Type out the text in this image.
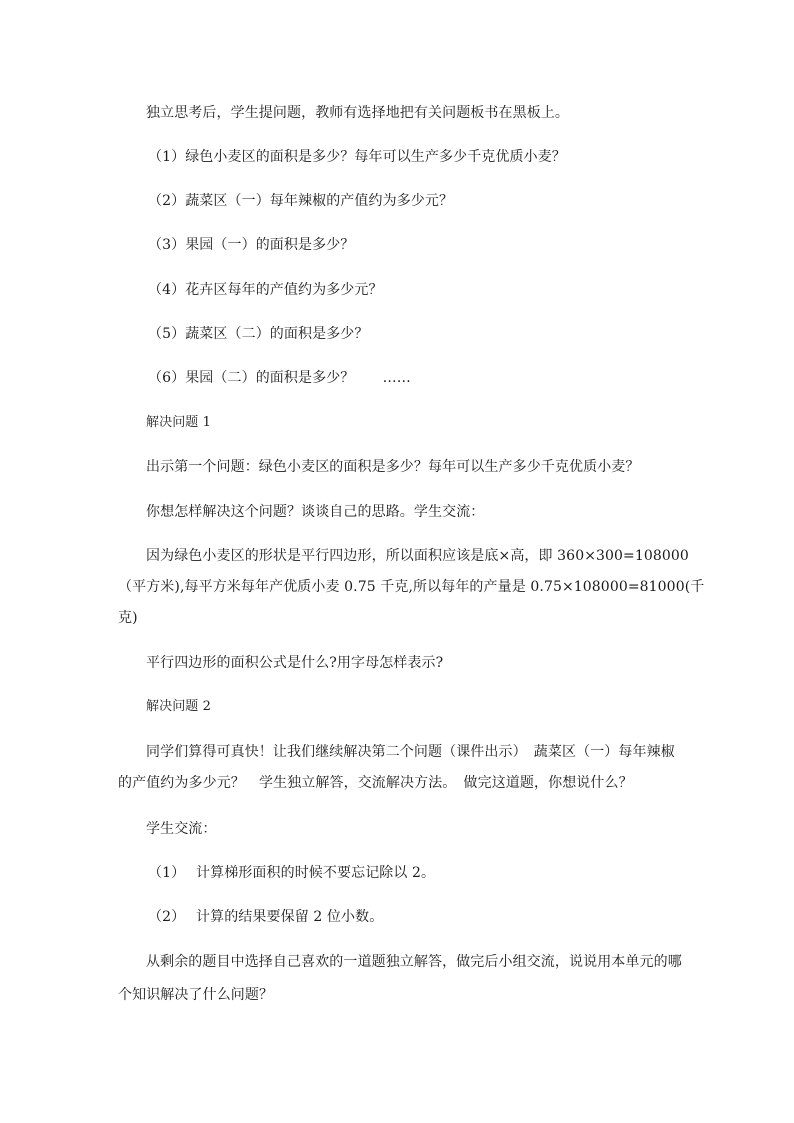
独立思考后，学生提问题，教师有选择地把有关问题板书在黑板上。
（1）绿色小麦区的面积是多少？每年可以生产多少千克优质小麦？
（2）蔬菜区（一）每年辣椒的产值约为多少元？
（3）果园（一）的面积是多少？
（4）花卉区每年的产值约为多少元？
（5）蔬菜区（二）的面积是多少？
（6）果园（二）的面积是多少？　　……
解决问题 1
出示第一个问题：绿色小麦区的面积是多少？每年可以生产多少千克优质小麦？
你想怎样解决这个问题？谈谈自己的思路。学生交流：
因为绿色小麦区的形状是平行四边形，所以面积应该是底×高，即 360×300=108000
（平方米),每平方米每年产优质小麦 0.75 千克,所以每年的产量是 0.75×108000=81000(千
克)
平行四边形的面积公式是什么?用字母怎样表示?
解决问题 2
同学们算得可真快！让我们继续解决第二个问题（课件出示）　蔬菜区（一）每年辣椒
的产值约为多少元？　学生独立解答，交流解决方法。　做完这道题，你想说什么？
学生交流：
（1） 计算梯形面积的时候不要忘记除以 2。
（2） 计算的结果要保留 2 位小数。
从剩余的题目中选择自己喜欢的一道题独立解答，做完后小组交流，说说用本单元的哪
个知识解决了什么问题？
